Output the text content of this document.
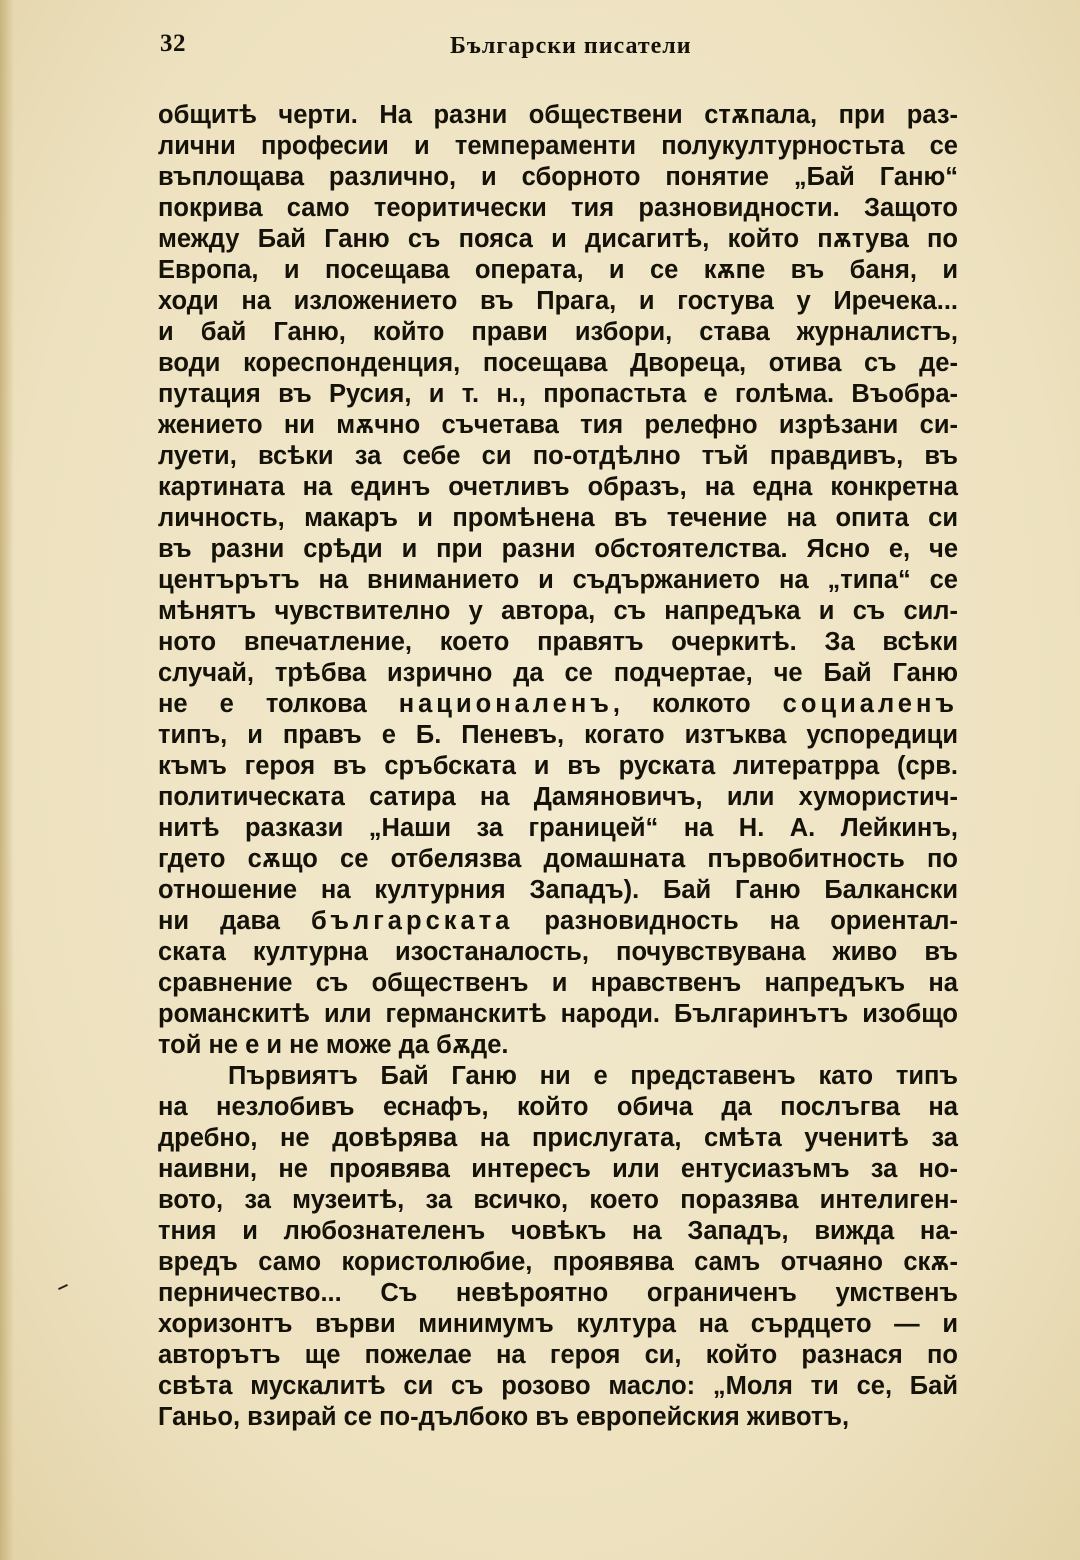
32	Български писатели
общитѣ черти. На разни обществени стѫпала, при раз-
лични професии и темпераменти полукултурностьта се
въплощава различно, и сборното понятие „Бай Ганю“
покрива само теоритически тия разновидности. Защото
между Бай Ганю съ пояса и дисагитѣ, който пѫтува по
Европа, и посещава операта, и се кѫпе въ баня, и
ходи на изложението въ Прага, и гостува у Иречека...
и бай Ганю, който прави избори, става журналистъ,
води кореспонденция, посещава Двореца, отива съ де-
путация въ Русия, и т. н., пропастьта е голѣма. Въобра-
жението ни мѫчно съчетава тия релефно изрѣзани си-
луети, всѣки за себе си по-отдѣлно тъй правдивъ, въ
картината на единъ очетливъ образъ, на една конкретна
личность, макаръ и промѣнена въ течение на опита си
въ разни срѣди и при разни обстоятелства. Ясно е, че
центърътъ на вниманието и съдържанието на „типа“ се
мѣнятъ чувствително у автора, съ напредъка и съ сил-
ното впечатление, което правятъ очеркитѣ. За всѣки
случай, трѣбва изрично да се подчертае, че Бай Ганю
не е толкова националенъ, колкото социаленъ
типъ, и правъ е Б. Пеневъ, когато изтъква успоредици
къмъ героя въ сръбската и въ руската литератрра (срв.
политическата сатира на Дамяновичъ, или хумористич-
нитѣ разкази „Наши за границей“ на Н. А. Лейкинъ,
гдето сѫщо се отбелязва домашната първобитность по
отношение на културния Западъ). Бай Ганю Балкански
ни дава българската разновидность на ориентал-
ската културна изостаналость, почувствувана живо въ
сравнение съ общественъ и нравственъ напредъкъ на
романскитѣ или германскитѣ народи. Българинътъ изобщо
той не е и не може да бѫде.
Първиятъ Бай Ганю ни е представенъ като типъ
на незлобивъ еснафъ, който обича да послъгва на
дребно, не довѣрява на прислугата, смѣта ученитѣ за
наивни, не проявява интересъ или ентусиазъмъ за но-
вото, за музеитѣ, за всичко, което поразява интелиген-
тния и любознателенъ човѣкъ на Западъ, вижда на-
вредъ само користолюбие, проявява самъ отчаяно скѫ-
перничество... Съ невѣроятно ограниченъ умственъ
хоризонтъ върви минимумъ култура на сърдцето — и
авторътъ ще пожелае на героя си, който разнася по
свѣта мускалитѣ си съ розово масло: „Моля ти се, Бай
Ганьо, взирай се по-дълбоко въ европейския животъ,
